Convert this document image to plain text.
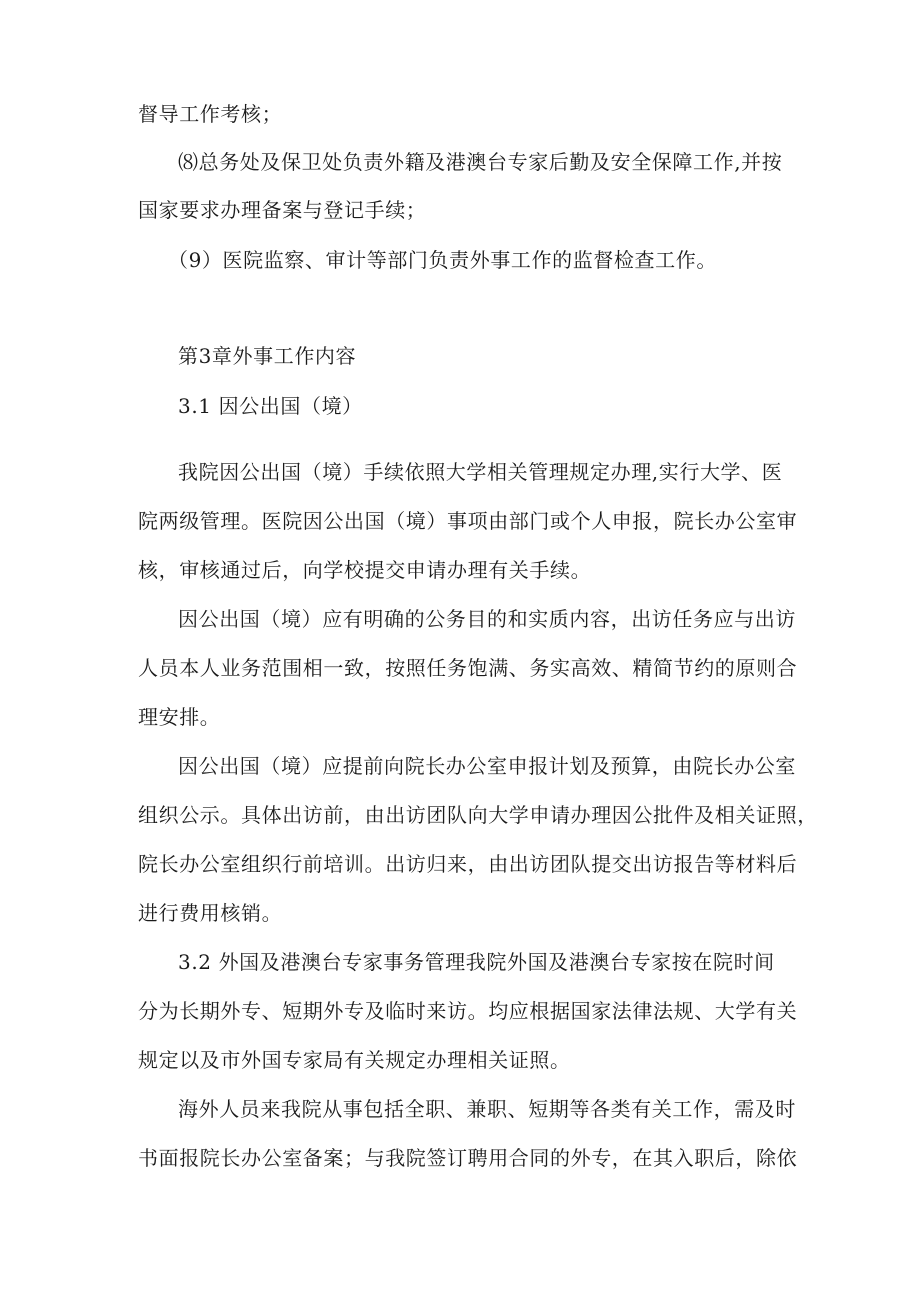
督导工作考核；
⑻总务处及保卫处负责外籍及港澳台专家后勤及安全保障工作,并按
国家要求办理备案与登记手续；
（9）医院监察、审计等部门负责外事工作的监督检查工作。
第3章外事工作内容
3.1 因公出国（境）
我院因公出国（境）手续依照大学相关管理规定办理,实行大学、医
院两级管理。医院因公出国（境）事项由部门或个人申报，院长办公室审
核，审核通过后，向学校提交申请办理有关手续。
因公出国（境）应有明确的公务目的和实质内容，出访任务应与出访
人员本人业务范围相一致，按照任务饱满、务实高效、精简节约的原则合
理安排。
因公出国（境）应提前向院长办公室申报计划及预算，由院长办公室
组织公示。具体出访前，由出访团队向大学申请办理因公批件及相关证照，
院长办公室组织行前培训。出访归来，由出访团队提交出访报告等材料后
进行费用核销。
3.2 外国及港澳台专家事务管理我院外国及港澳台专家按在院时间
分为长期外专、短期外专及临时来访。均应根据国家法律法规、大学有关
规定以及市外国专家局有关规定办理相关证照。
海外人员来我院从事包括全职、兼职、短期等各类有关工作，需及时
书面报院长办公室备案；与我院签订聘用合同的外专，在其入职后，除依
